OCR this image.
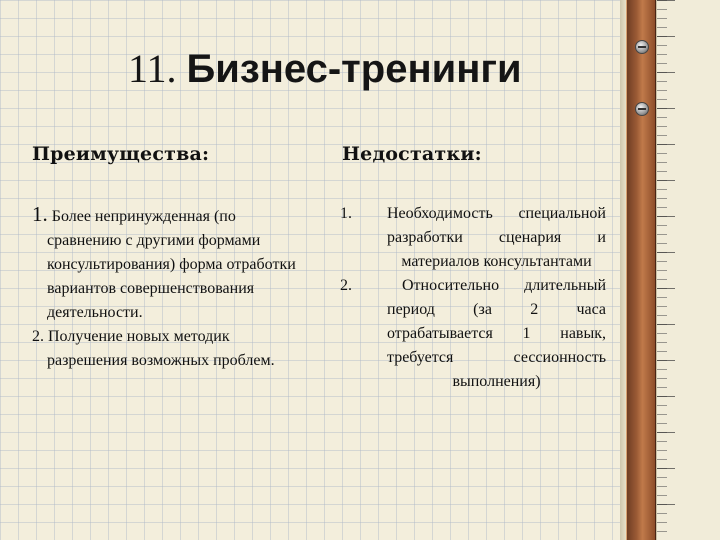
11. Бизнес-тренинги
Преимущества:	Недостатки:
1. Более непринужденная (по сравнению с другими формами консультирования) форма отработки вариантов совершенствования деятельности.
2. Получение новых методик разрешения возможных проблем.
1. Необходимость специальной разработки сценария и материалов консультантами
2.	Относительно длительный
период (за 2 часа отрабатывается 1 навык, требуется сессионность выполнения)
